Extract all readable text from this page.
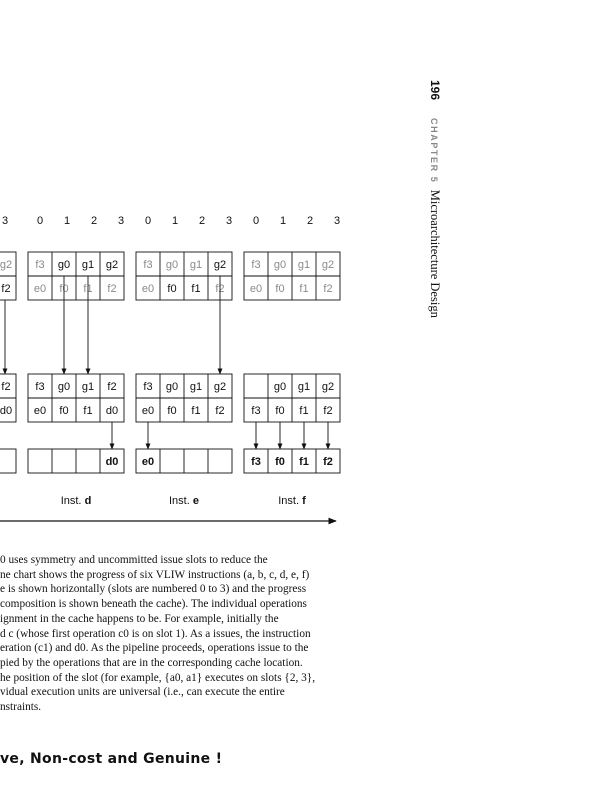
3	0 1 2 3 0 1 2 3 0 1 2 3
g2
f2
f2
d0
f3 g0 g1 g2
e0 f0 f1 f2
f3 g0 g1 f2
e0 f0 f1 d0
d0
Inst. d
f3 g0 g1 g2
e0 f0 f1 f2
f3 g0 g1 g2
e0 f0 f1 f2
e0
Inst. e
f3 g0 g1 g2
e0 f0 f1 f2
g0 g1 g2
f3 f0 f1 f2
f3 f0 f1 f2
Inst. f
0 uses symmetry and uncommitted issue slots to reduce the
ne chart shows the progress of six VLIW instructions (a, b, c, d, e, f)
e is shown horizontally (slots are numbered 0 to 3) and the progress
composition is shown beneath the cache). The individual operations
ignment in the cache happens to be. For example, initially the
d c (whose first operation c0 is on slot 1). As a issues, the instruction
eration (c1) and d0. As the pipeline proceeds, operations issue to the
pied by the operations that are in the corresponding cache location.
he position of the slot (for example, {a0, a1} executes on slots {2, 3},
vidual execution units are universal (i.e., can execute the entire
nstraints.
ve, Non-cost and Genuine !
196CHAPTER5Microarchitecture Design
